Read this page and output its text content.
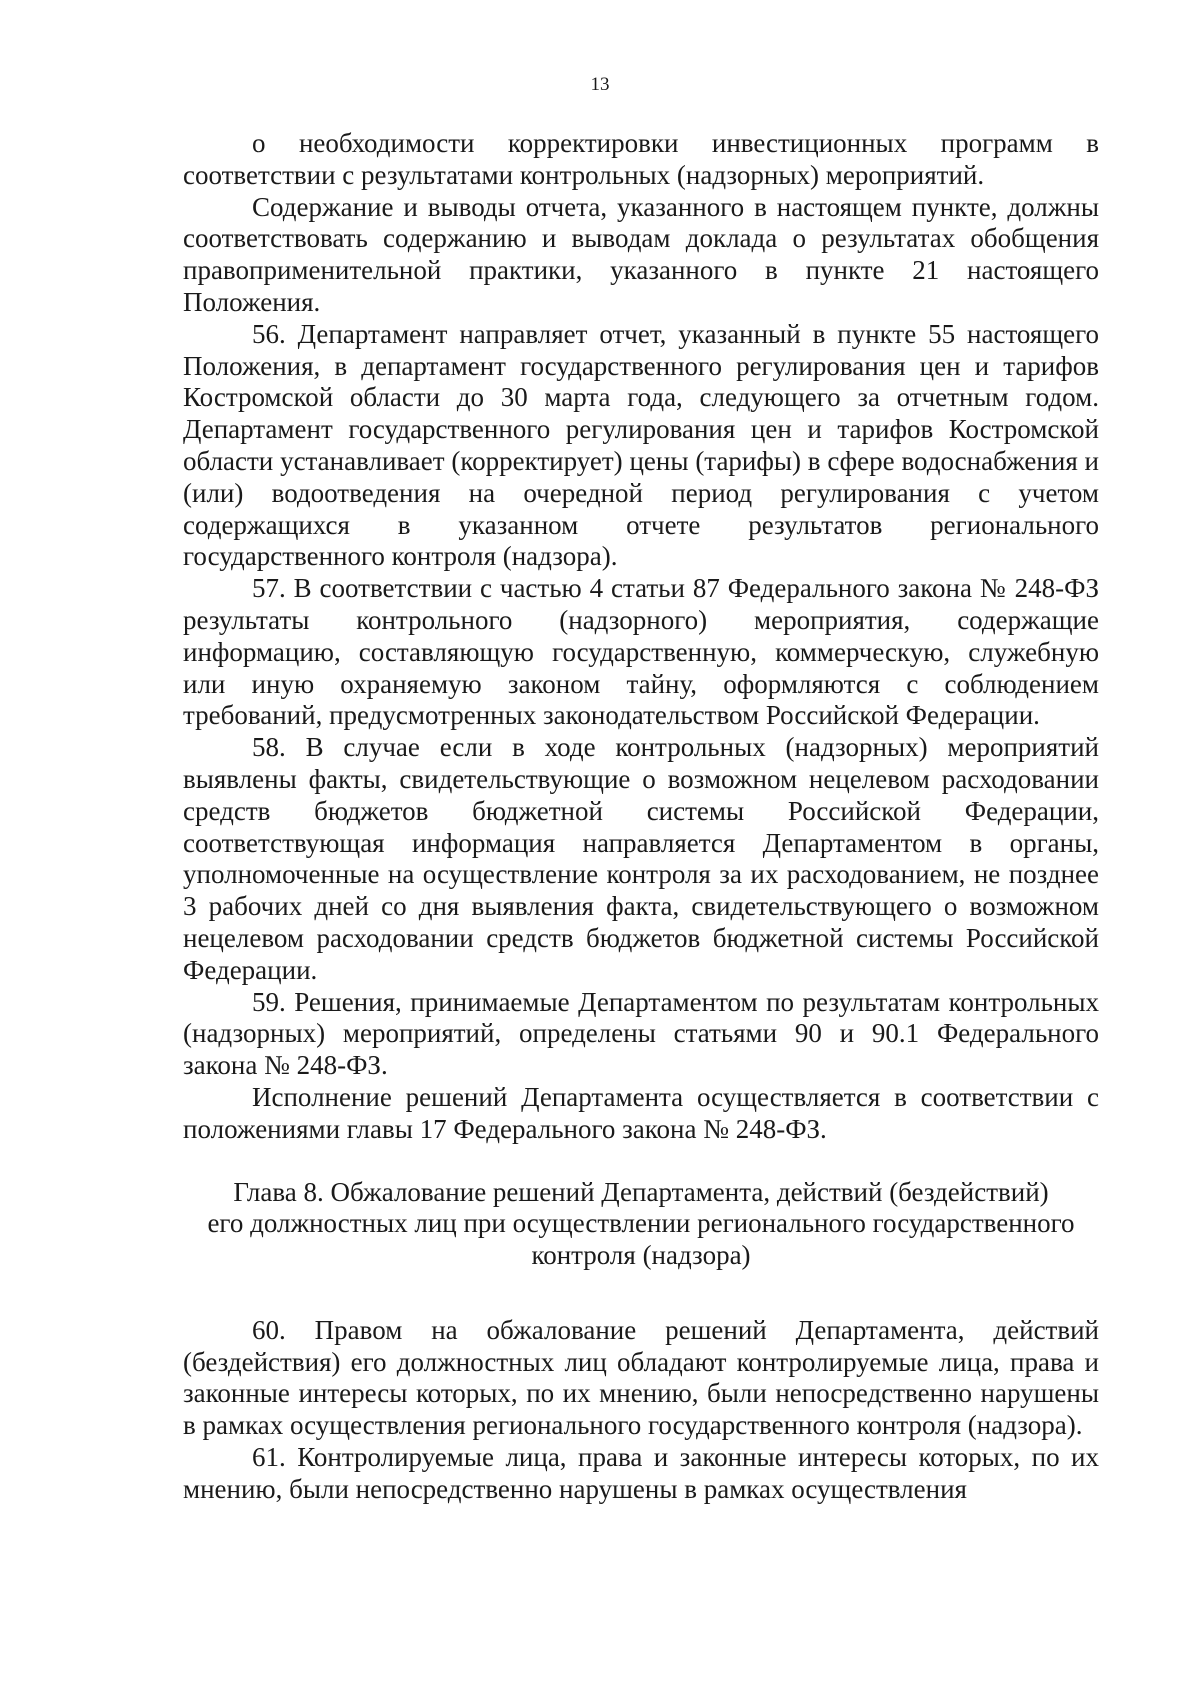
13

о необходимости корректировки инвестиционных программ в соответствии с результатами контрольных (надзорных) мероприятий.

Содержание и выводы отчета, указанного в настоящем пункте, должны соответствовать содержанию и выводам доклада о результатах обобщения правоприменительной практики, указанного в пункте 21 настоящего Положения.

56. Департамент направляет отчет, указанный в пункте 55 настоящего Положения, в департамент государственного регулирования цен и тарифов Костромской области до 30 марта года, следующего за отчетным годом. Департамент государственного регулирования цен и тарифов Костромской области устанавливает (корректирует) цены (тарифы) в сфере водоснабжения и (или) водоотведения на очередной период регулирования с учетом содержащихся в указанном отчете результатов регионального государственного контроля (надзора).

57. В соответствии с частью 4 статьи 87 Федерального закона № 248-ФЗ результаты контрольного (надзорного) мероприятия, содержащие информацию, составляющую государственную, коммерческую, служебную или иную охраняемую законом тайну, оформляются с соблюдением требований, предусмотренных законодательством Российской Федерации.

58. В случае если в ходе контрольных (надзорных) мероприятий выявлены факты, свидетельствующие о возможном нецелевом расходовании средств бюджетов бюджетной системы Российской Федерации, соответствующая информация направляется Департаментом в органы, уполномоченные на осуществление контроля за их расходованием, не позднее 3 рабочих дней со дня выявления факта, свидетельствующего о возможном нецелевом расходовании средств бюджетов бюджетной системы Российской Федерации.

59. Решения, принимаемые Департаментом по результатам контрольных (надзорных) мероприятий, определены статьями 90 и 90.1 Федерального закона № 248-ФЗ.

Исполнение решений Департамента осуществляется в соответствии с положениями главы 17 Федерального закона № 248-ФЗ.

Глава 8. Обжалование решений Департамента, действий (бездействий)
его должностных лиц при осуществлении регионального государственного
контроля (надзора)

60. Правом на обжалование решений Департамента, действий (бездействия) его должностных лиц обладают контролируемые лица, права и законные интересы которых, по их мнению, были непосредственно нарушены в рамках осуществления регионального государственного контроля (надзора).

61. Контролируемые лица, права и законные интересы которых, по их мнению, были непосредственно нарушены в рамках осуществления
